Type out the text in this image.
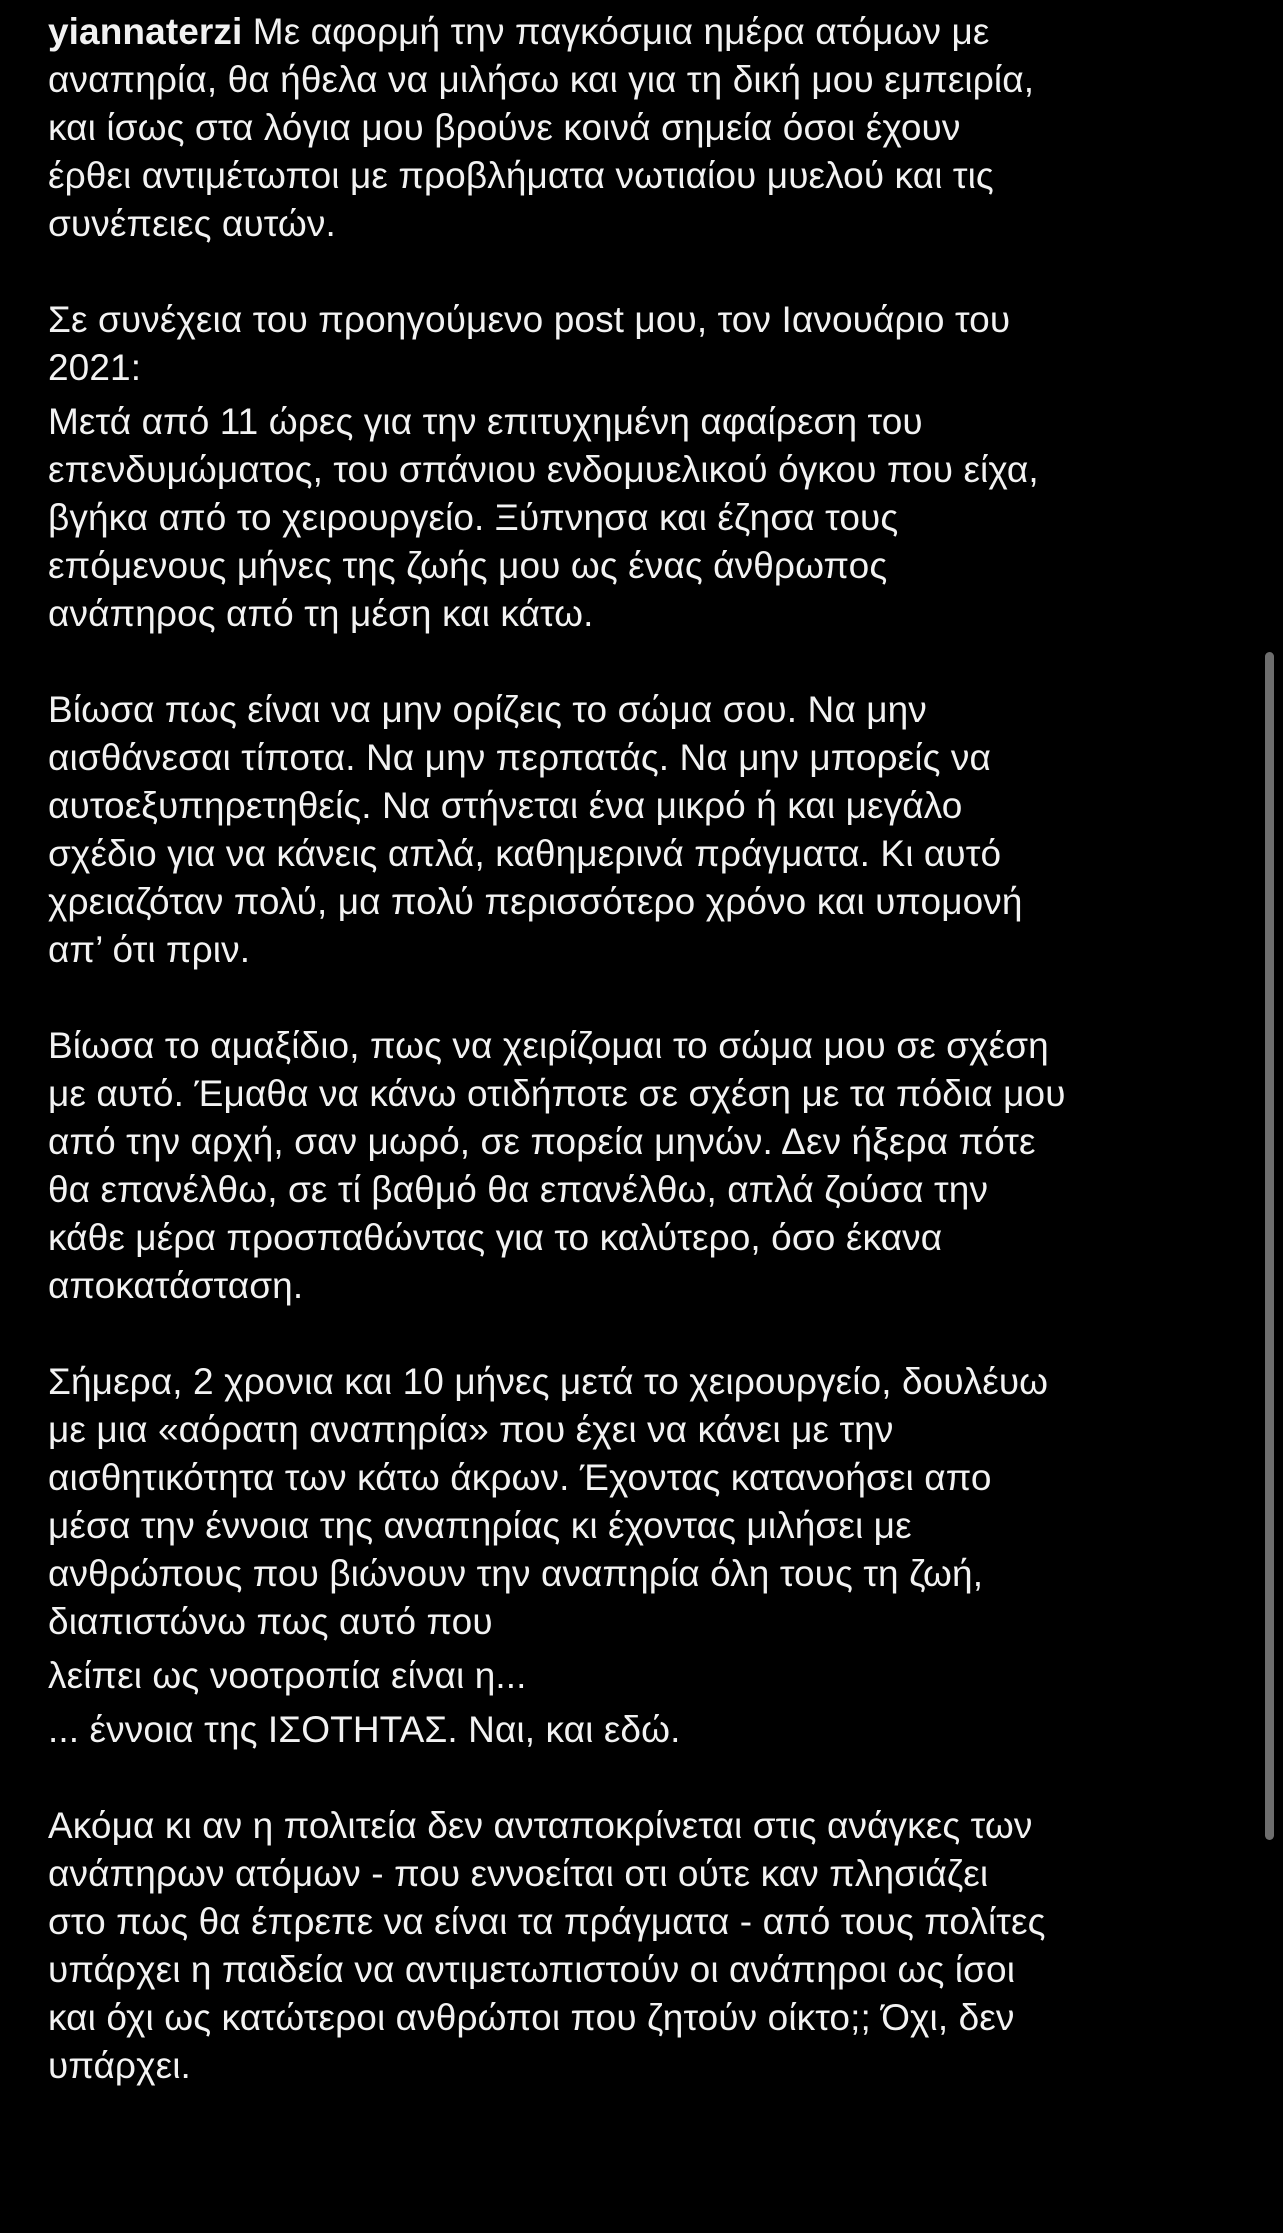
yiannaterzi Με αφορμή την παγκόσμια ημέρα ατόμων με
αναπηρία, θα ήθελα να μιλήσω και για τη δική μου εμπειρία,
και ίσως στα λόγια μου βρούνε κοινά σημεία όσοι έχουν
έρθει αντιμέτωποι με προβλήματα νωτιαίου μυελού και τις
συνέπειες αυτών.
Σε συνέχεια του προηγούμενο post μου, τον Ιανουάριο του
2021:
Μετά από 11 ώρες για την επιτυχημένη αφαίρεση του
επενδυμώματος, του σπάνιου ενδομυελικού όγκου που είχα,
βγήκα από το χειρουργείο. Ξύπνησα και έζησα τους
επόμενους μήνες της ζωής μου ως ένας άνθρωπος
ανάπηρος από τη μέση και κάτω.
Βίωσα πως είναι να μην ορίζεις το σώμα σου. Να μην
αισθάνεσαι τίποτα. Να μην περπατάς. Να μην μπορείς να
αυτοεξυπηρετηθείς. Να στήνεται ένα μικρό ή και μεγάλο
σχέδιο για να κάνεις απλά, καθημερινά πράγματα. Κι αυτό
χρειαζόταν πολύ, μα πολύ περισσότερο χρόνο και υπομονή
απ’ ότι πριν.
Βίωσα το αμαξίδιο, πως να χειρίζομαι το σώμα μου σε σχέση
με αυτό. Έμαθα να κάνω οτιδήποτε σε σχέση με τα πόδια μου
από την αρχή, σαν μωρό, σε πορεία μηνών. Δεν ήξερα πότε
θα επανέλθω, σε τί βαθμό θα επανέλθω, απλά ζούσα την
κάθε μέρα προσπαθώντας για το καλύτερο, όσο έκανα
αποκατάσταση.
Σήμερα, 2 χρονια και 10 μήνες μετά το χειρουργείο, δουλέυω
με μια «αόρατη αναπηρία» που έχει να κάνει με την
αισθητικότητα των κάτω άκρων. Έχοντας κατανοήσει απο
μέσα την έννοια της αναπηρίας κι έχοντας μιλήσει με
ανθρώπους που βιώνουν την αναπηρία όλη τους τη ζωή,
διαπιστώνω πως αυτό που
λείπει ως νοοτροπία είναι η...
... έννοια της ΙΣΟΤΗΤΑΣ. Ναι, και εδώ.
Ακόμα κι αν η πολιτεία δεν ανταποκρίνεται στις ανάγκες των
ανάπηρων ατόμων - που εννοείται οτι ούτε καν πλησιάζει
στο πως θα έπρεπε να είναι τα πράγματα - από τους πολίτες
υπάρχει η παιδεία να αντιμετωπιστούν οι ανάπηροι ως ίσοι
και όχι ως κατώτεροι ανθρώποι που ζητούν οίκτο;; Όχι, δεν
υπάρχει.
